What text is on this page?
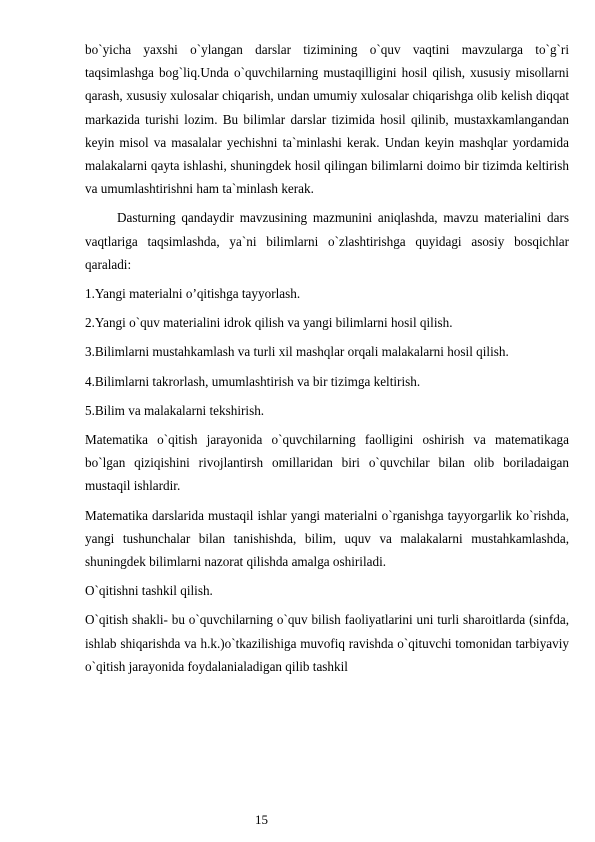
bo`yicha yaxshi o`ylangan darslar tizimining o`quv vaqtini mavzularga to`g`ri taqsimlashga bog`liq.Unda o`quvchilarning mustaqilligini hosil qilish, xususiy misollarni qarash, xususiy xulosalar chiqarish, undan umumiy xulosalar chiqarishga olib kelish diqqat markazida turishi lozim. Bu bilimlar darslar tizimida hosil qilinib, mustaxkamlangandan keyin misol va masalalar yechishni ta`minlashi kerak. Undan keyin mashqlar yordamida malakalarni qayta ishlashi, shuningdek hosil qilingan bilimlarni doimo bir tizimda keltirish va umumlashtirishni ham ta`minlash kerak.

Dasturning qandaydir mavzusining mazmunini aniqlashda, mavzu materialini dars vaqtlariga taqsimlashda, ya`ni bilimlarni o`zlashtirishga quyidagi asosiy bosqichlar qaraladi:

1.Yangi materialni o’qitishga tayyorlash.

2.Yangi o`quv materialini idrok qilish va yangi bilimlarni hosil qilish.

3.Bilimlarni mustahkamlash va turli xil mashqlar orqali malakalarni hosil qilish.

4.Bilimlarni takrorlash, umumlashtirish va bir tizimga keltirish.

5.Bilim va malakalarni tekshirish.

Matematika o`qitish jarayonida o`quvchilarning faolligini oshirish va matematikaga bo`lgan qiziqishini rivojlantirsh omillaridan biri o`quvchilar bilan olib boriladaigan mustaqil ishlardir.

Matematika darslarida mustaqil ishlar yangi materialni o`rganishga tayyorgarlik ko`rishda, yangi tushunchalar bilan tanishishda, bilim, uquv va malakalarni mustahkamlashda, shuningdek bilimlarni nazorat qilishda amalga oshiriladi.

O`qitishni tashkil qilish.

O`qitish shakli- bu o`quvchilarning o`quv bilish faoliyatlarini uni turli sharoitlarda (sinfda, ishlab shiqarishda va h.k.)o`tkazilishiga muvofiq ravishda o`qituvchi tomonidan tarbiyaviy o`qitish jarayonida foydalanialadigan qilib tashkil

15
